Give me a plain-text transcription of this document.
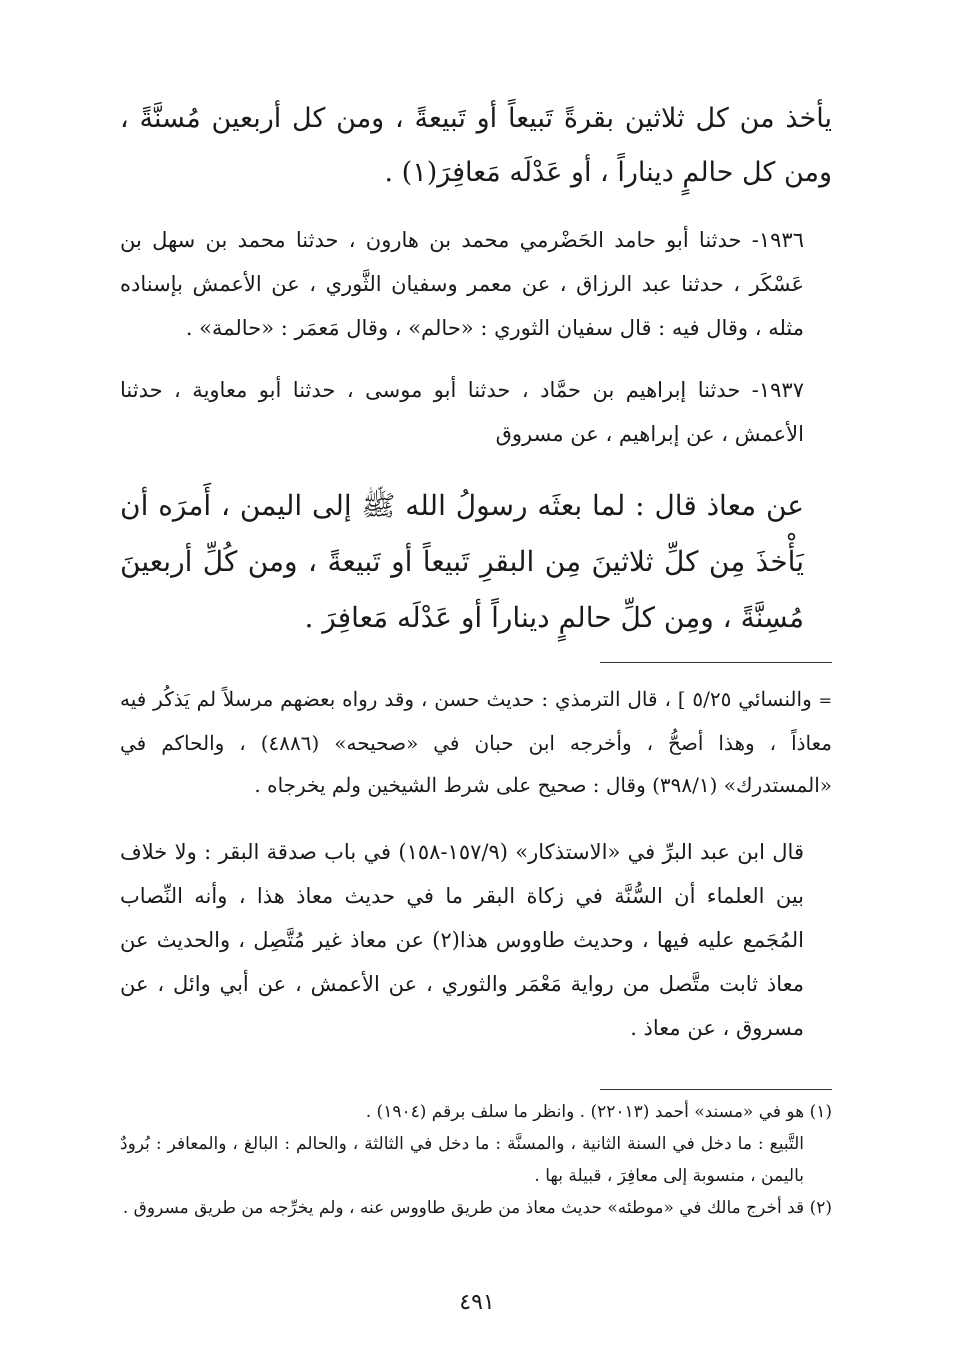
يأخذ من كل ثلاثين بقرةً تَبيعاً أو تَبيعةً ، ومن كل أربعين مُسنَّةً ، ومن كل حالمٍ ديناراً ، أو عَدْلَه مَعافِرَ(١) .

١٩٣٦- حدثنا أبو حامد الحَضْرمي محمد بن هارون ، حدثنا محمد بن سهل بن عَسْكَر ، حدثنا عبد الرزاق ، عن معمر وسفيان الثَّوري ، عن الأعمش بإسناده مثله ، وقال فيه : قال سفيان الثوري : «حالم» ، وقال مَعمَر : «حالمة» .

١٩٣٧- حدثنا إبراهيم بن حمَّاد ، حدثنا أبو موسى ، حدثنا أبو معاوية ، حدثنا الأعمش ، عن إبراهيم ، عن مسروق

عن معاذ قال : لما بعثَه رسولُ الله ﷺ إلى اليمن ، أَمرَه أن يَأْخذَ مِن كلِّ ثلاثينَ مِن البقرِ تَبيعاً أو تَبيعةً ، ومن كُلِّ أربعينَ مُسِنَّةً ، ومِن كلِّ حالمٍ ديناراً أو عَدْلَه مَعافِرَ .

= والنسائي ٥/٢٥ ] ، قال الترمذي : حديث حسن ، وقد رواه بعضهم مرسلاً لم يَذكُر فيه معاذاً ، وهذا أصحُّ ، وأخرجه ابن حبان في «صحيحه» (٤٨٨٦) ، والحاكم في «المستدرك» (٣٩٨/١) وقال : صحيح على شرط الشيخين ولم يخرجاه .

قال ابن عبد البرِّ في «الاستذكار» (١٥٧/٩-١٥٨) في باب صدقة البقر : ولا خلاف بين العلماء أن السُّنَّة في زكاة البقر ما في حديث معاذ هذا ، وأنه النِّصاب المُجَمع عليه فيها ، وحديث طاووس هذا(٢) عن معاذ غير مُتَّصِل ، والحديث عن معاذ ثابت متَّصل من رواية مَعْمَر والثوري ، عن الأعمش ، عن أبي وائل ، عن مسروق ، عن معاذ .

(١) هو في «مسند» أحمد (٢٢٠١٣) . وانظر ما سلف برقم (١٩٠٤) .

التَّبيع : ما دخل في السنة الثانية ، والمسنَّة : ما دخل في الثالثة ، والحالم : البالغ ، والمعافر : بُرودٌ باليمن ، منسوبة إلى معافِرَ ، قبيلة بها .

(٢) قد أخرج مالك في «موطئه» حديث معاذ من طريق طاووس عنه ، ولم يخرِّجه من طريق مسروق .

٤٩١
